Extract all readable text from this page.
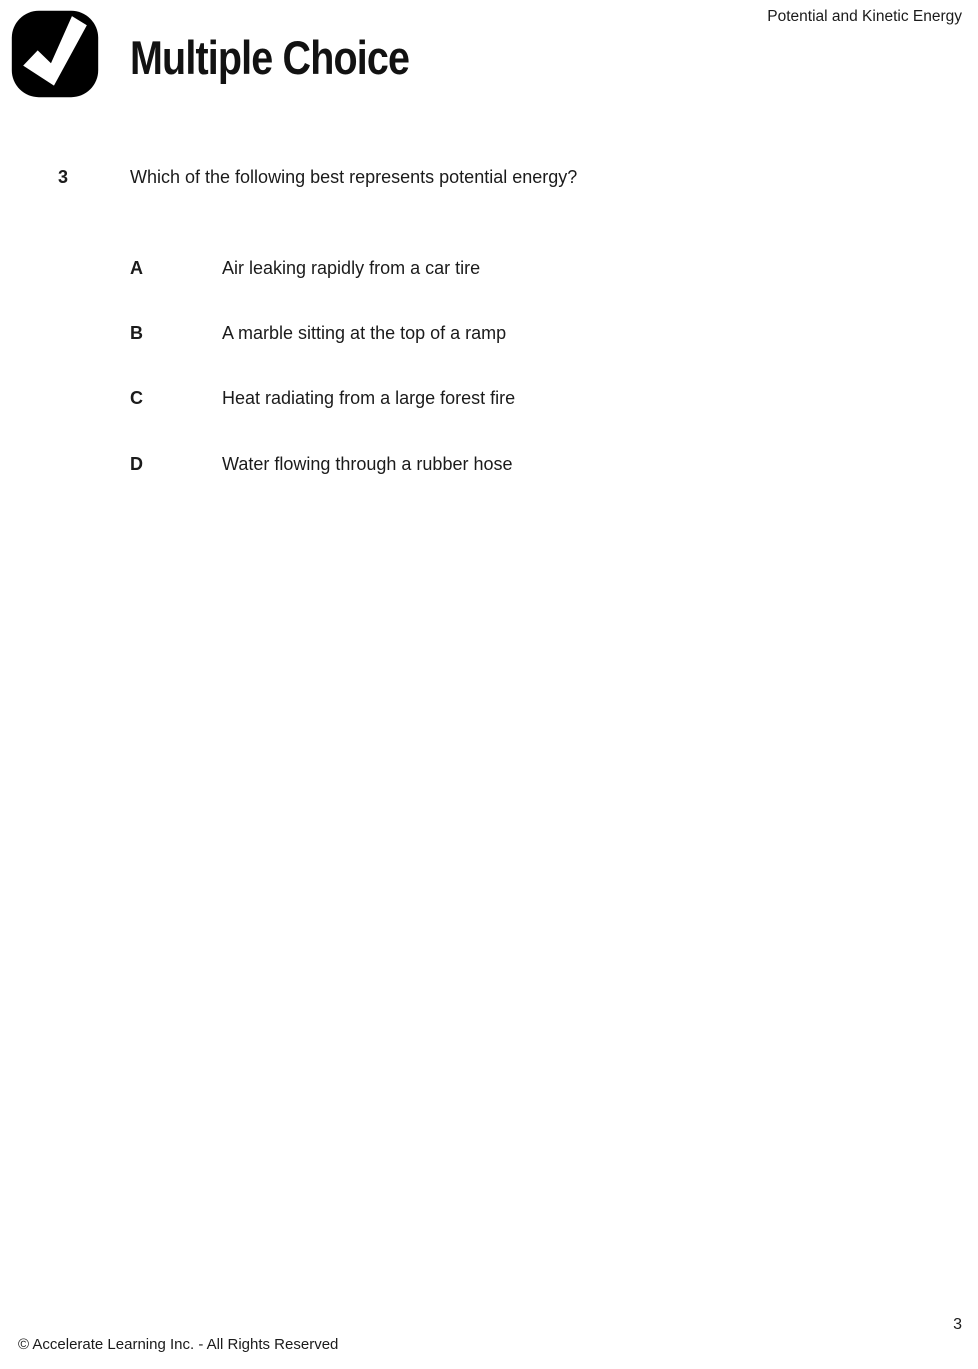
Multiple Choice
Potential and Kinetic Energy
3	Which of the following best represents potential energy?
A	Air leaking rapidly from a car tire
B	A marble sitting at the top of a ramp
C	Heat radiating from a large forest fire
D	Water flowing through a rubber hose
© Accelerate Learning Inc. - All Rights Reserved
3
